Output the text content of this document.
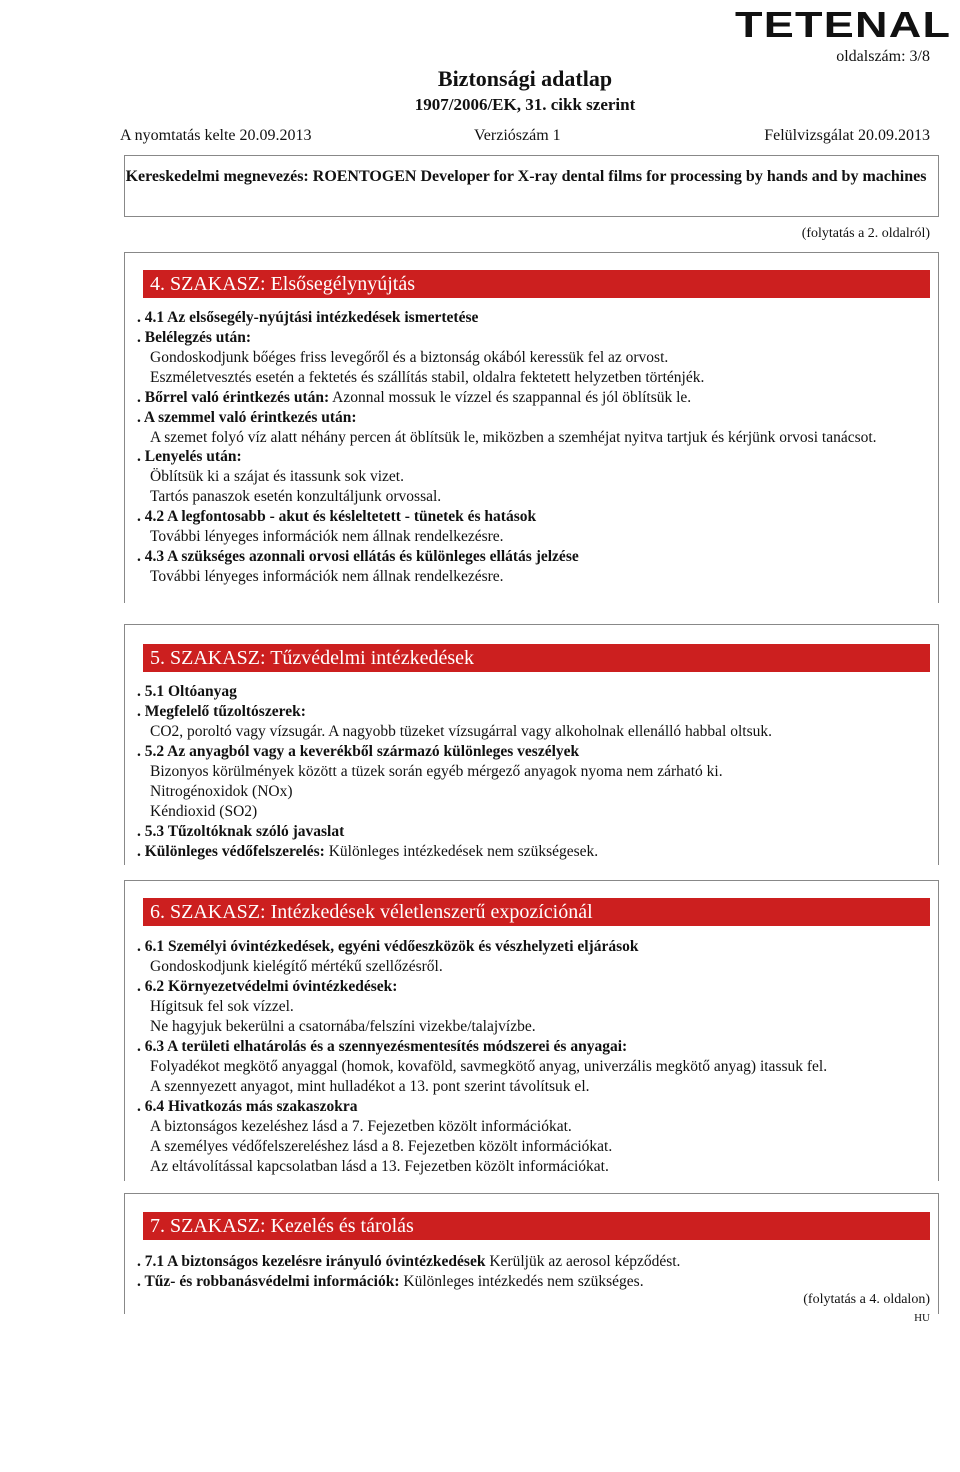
TETENAL
oldalszám: 3/8
Biztonsági adatlap
1907/2006/EK, 31. cikk szerint
A nyomtatás kelte 20.09.2013	Verziószám 1	Felülvizsgálat 20.09.2013
Kereskedelmi megnevezés: ROENTOGEN Developer for X-ray dental films for processing by hands and by machines
(folytatás a 2. oldalról)
4. SZAKASZ: Elsősegélynyújtás
. 4.1 Az elsősegély-nyújtási intézkedések ismertetése
. Belélegzés után:
Gondoskodjunk bőéges friss levegőről és a biztonság okából keressük fel az orvost.
Eszméletvesztés esetén a fektetés és szállítás stabil, oldalra fektetett helyzetben történjék.
. Bőrrel való érintkezés után: Azonnal mossuk le vízzel és szappannal és jól öblítsük le.
. A szemmel való érintkezés után:
A szemet folyó víz alatt néhány percen át öblítsük le, miközben a szemhéjat nyitva tartjuk és kérjünk orvosi tanácsot.
. Lenyelés után:
Öblítsük ki a szájat és itassunk sok vizet.
Tartós panaszok esetén konzultáljunk orvossal.
. 4.2 A legfontosabb - akut és késleltetett - tünetek és hatások
További lényeges információk nem állnak rendelkezésre.
. 4.3 A szükséges azonnali orvosi ellátás és különleges ellátás jelzése
További lényeges információk nem állnak rendelkezésre.
5. SZAKASZ: Tűzvédelmi intézkedések
. 5.1 Oltóanyag
. Megfelelő tűzoltószerek:
CO2, poroltó vagy vízsugár. A nagyobb tüzeket vízsugárral vagy alkoholnak ellenálló habbal oltsuk.
. 5.2 Az anyagból vagy a keverékből származó különleges veszélyek
Bizonyos körülmények között a tüzek során egyéb mérgező anyagok nyoma nem zárható ki.
Nitrogénoxidok (NOx)
Kéndioxid (SO2)
. 5.3 Tűzoltóknak szóló javaslat
. Különleges védőfelszerelés: Különleges intézkedések nem szükségesek.
6. SZAKASZ: Intézkedések véletlenszerű expozíciónál
. 6.1 Személyi óvintézkedések, egyéni védőeszközök és vészhelyzeti eljárások
Gondoskodjunk kielégítő mértékű szellőzésről.
. 6.2 Környezetvédelmi óvintézkedések:
Hígitsuk fel sok vízzel.
Ne hagyjuk bekerülni a csatornába/felszíni vizekbe/talajvízbe.
. 6.3 A területi elhatárolás és a szennyezésmentesítés módszerei és anyagai:
Folyadékot megkötő anyaggal (homok, kovaföld, savmegkötő anyag, univerzális megkötő anyag) itassuk fel.
A szennyezett anyagot, mint hulladékot a 13. pont szerint távolítsuk el.
. 6.4 Hivatkozás más szakaszokra
A biztonságos kezeléshez lásd a 7. Fejezetben közölt információkat.
A személyes védőfelszereléshez lásd a 8. Fejezetben közölt információkat.
Az eltávolítással kapcsolatban lásd a 13. Fejezetben közölt információkat.
7. SZAKASZ: Kezelés és tárolás
. 7.1 A biztonságos kezelésre irányuló óvintézkedések Kerüljük az aerosol képződést.
. Tűz- és robbanásvédelmi információk: Különleges intézkedés nem szükséges.
(folytatás a 4. oldalon)
HU
